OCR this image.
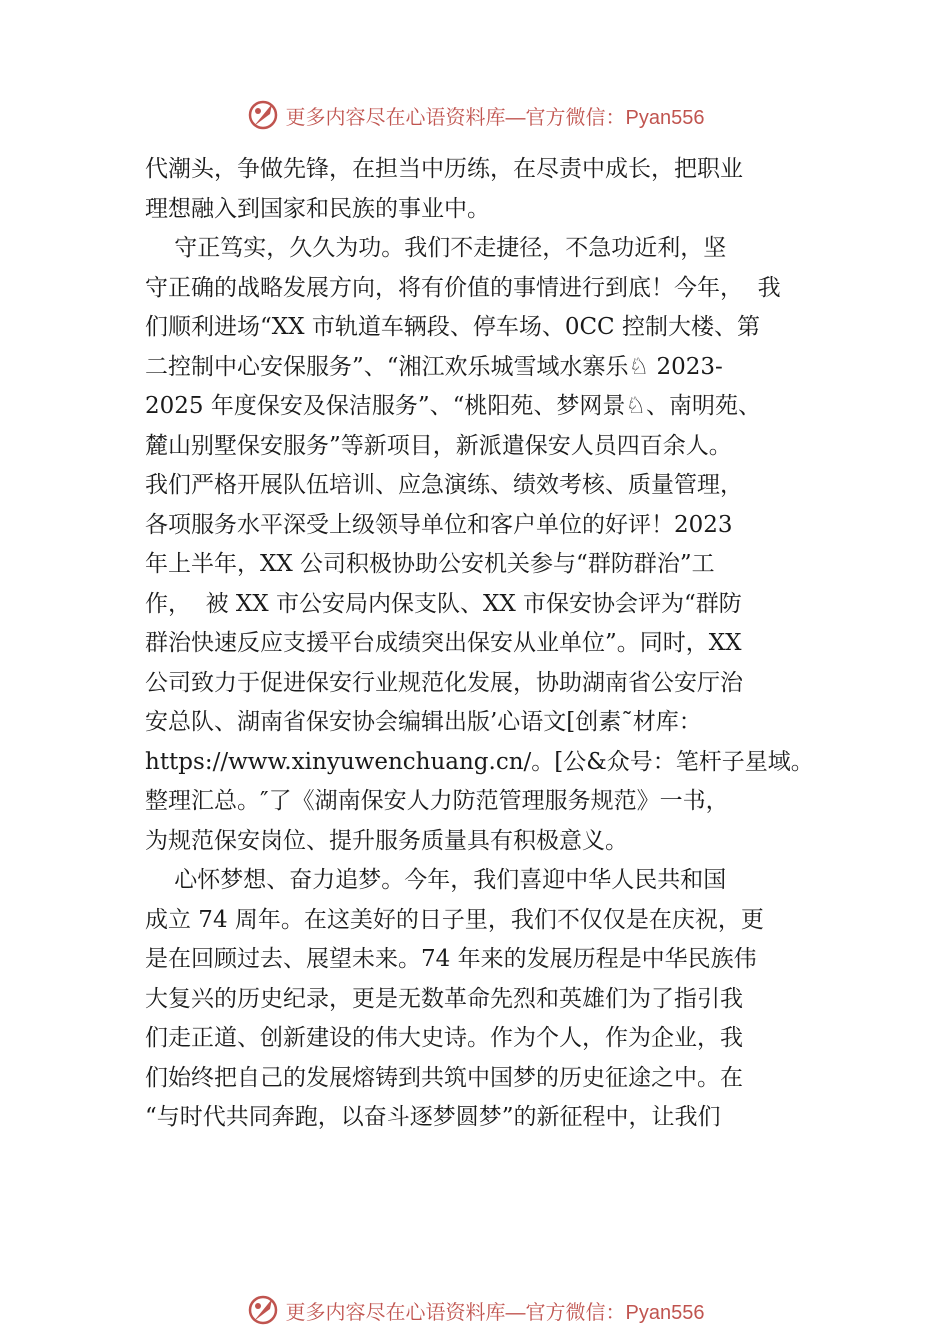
更多内容尽在心语资料库 —官方微信：Pyan556
代潮头，争做先锋，在担当中历练，在尽责中成长，把职业
理想融入到国家和民族的事业中。
守正笃实，久久为功。我们不走捷径，不急功近利，坚
守正确的战略发展方向，将有价值的事情进行到底！今年，  我
们顺利进场“XX 市轨道车辆段、停车场、0CC 控制大楼、第
二控制中心安保服务”、“湘江欢乐城雪域水寨乐♘ 2023-
2025 年度保安及保洁服务”、“桃阳苑、梦网景♘、南明苑、
麓山别墅保安服务”等新项目，新派遣保安人员四百余人。
我们严格开展队伍培训、应急演练、绩效考核、质量管理，
各项服务水平深受上级领导单位和客户单位的好评！2023
年上半年，XX 公司积极协助公安机关参与“群防群治”工
作，  被 XX 市公安局内保支队、XX 市保安协会评为“群防
群治快速反应支援平台成绩突出保安从业单位”。同时，XX
公司致力于促进保安行业规范化发展，协助湖南省公安厅治
安总队、湖南省保安协会编辑出版’心语文[创素˜材库：
https://www.xinyuwenchuang.cn/。[公&众号：笔杆子星域。
整理汇总。″了《湖南保安人力防范管理服务规范》一书，
为规范保安岗位、提升服务质量具有积极意义。
心怀梦想、奋力追梦。今年，我们喜迎中华人民共和国
成立 74 周年。在这美好的日子里，我们不仅仅是在庆祝，更
是在回顾过去、展望未来。74 年来的发展历程是中华民族伟
大复兴的历史纪录，更是无数革命先烈和英雄们为了指引我
们走正道、创新建设的伟大史诗。作为个人，作为企业，我
们始终把自己的发展熔铸到共筑中国梦的历史征途之中。在
“与时代共同奔跑，以奋斗逐梦圆梦”的新征程中，让我们
更多内容尽在心语资料库 —官方微信：Pyan556
